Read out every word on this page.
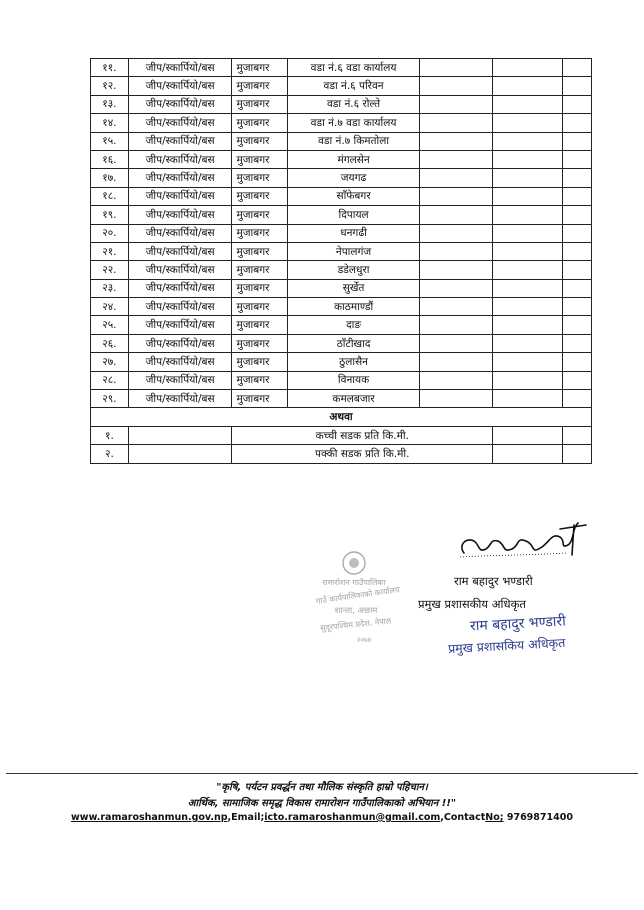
११.	जीप/स्कार्पियो/बस	मुजाबगर	वडा नं.६ वडा कार्यालय			
१२.	जीप/स्कार्पियो/बस	मुजाबगर	वडा नं.६ परिवन			
१३.	जीप/स्कार्पियो/बस	मुजाबगर	वडा नं.६ रोल्ते			
१४.	जीप/स्कार्पियो/बस	मुजाबगर	वडा नं.७ वडा कार्यालय			
१५.	जीप/स्कार्पियो/बस	मुजाबगर	वडा नं.७ किमतोला			
१६.	जीप/स्कार्पियो/बस	मुजाबगर	मंगलसेन			
१७.	जीप/स्कार्पियो/बस	मुजाबगर	जयगढ			
१८.	जीप/स्कार्पियो/बस	मुजाबगर	साँफेबगर			
१९.	जीप/स्कार्पियो/बस	मुजाबगर	दिपायल			
२०.	जीप/स्कार्पियो/बस	मुजाबगर	धनगढी			
२१.	जीप/स्कार्पियो/बस	मुजाबगर	नेपालगंज			
२२.	जीप/स्कार्पियो/बस	मुजाबगर	डडेलधुरा			
२३.	जीप/स्कार्पियो/बस	मुजाबगर	सुर्खेत			
२४.	जीप/स्कार्पियो/बस	मुजाबगर	काठमाण्डौं			
२५.	जीप/स्कार्पियो/बस	मुजाबगर	दाङ			
२६.	जीप/स्कार्पियो/बस	मुजाबगर	ठाँटीखाद			
२७.	जीप/स्कार्पियो/बस	मुजाबगर	ठुलासैन			
२८.	जीप/स्कार्पियो/बस	मुजाबगर	विनायक			
२९.	जीप/स्कार्पियो/बस	मुजाबगर	कमलबजार			
अथवा						
१.		कच्ची सडक प्रति कि.मी.				
२.		पक्की सडक प्रति कि.मी.				
राम बहादुर भण्डारी
प्रमुख प्रशासकीय अधिकृत
राम बहादुर भण्डारी
प्रमुख प्रशासकिय अधिकृत
रामारोशन गाउँपालिका
गाउँ कार्यपालिकाको कार्यालय
शान्ता, अछाम
सुदूरपश्चिम प्रदेश, नेपाल
२०७४
"कृषि, पर्यटन प्रवर्द्धन तथा मौलिक संस्कृति हाम्रो पहिचान।
आर्थिक, सामाजिक समृद्ध विकास रामारोशन गाउँपालिकाको अभियान !!"
www.ramaroshanmun.gov.np,Email;icto.ramaroshanmun@gmail.com,ContactNo; 9769871400
